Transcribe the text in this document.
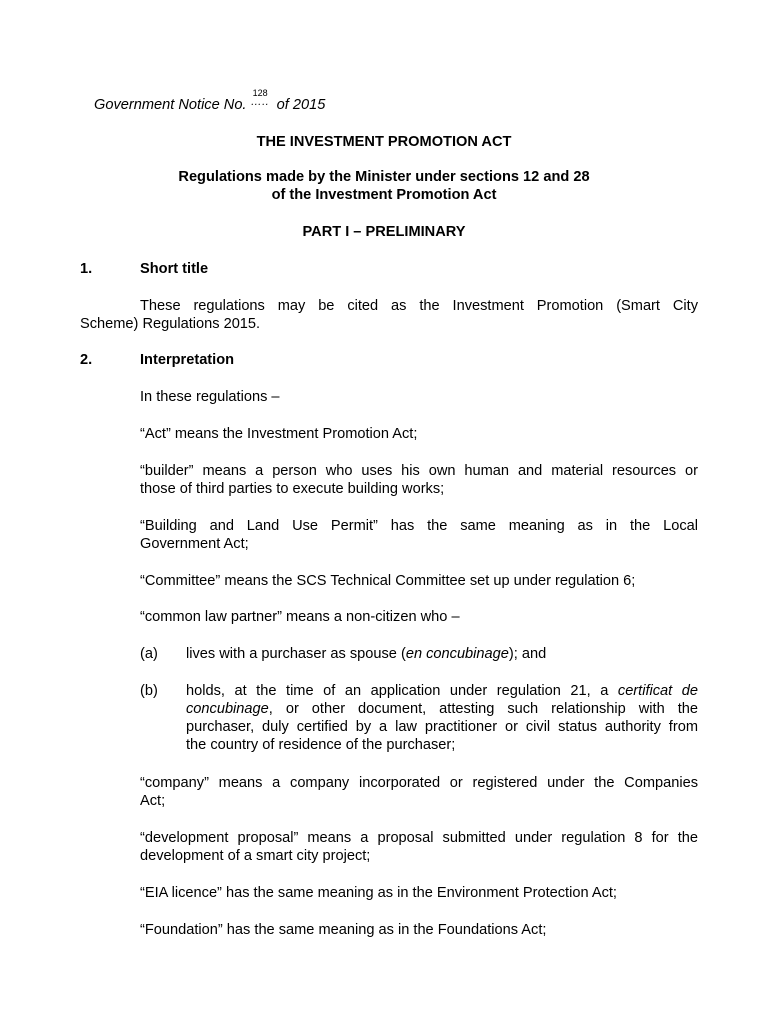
Government Notice No.
128
….. of 2015
THE INVESTMENT PROMOTION ACT
Regulations made by the Minister under sections 12 and 28
of the Investment Promotion Act
PART I – PRELIMINARY
1.	Short title
These regulations may be cited as the Investment Promotion (Smart City
Scheme) Regulations 2015.
2.	Interpretation
In these regulations –
“Act” means the Investment Promotion Act;
“builder” means a person who uses his own human and material resources or
those of third parties to execute building works;
“Building and Land Use Permit” has the same meaning as in the Local
Government Act;
“Committee” means the SCS Technical Committee set up under regulation 6;
“common law partner” means a non-citizen who –
(a) lives with a purchaser as spouse (en concubinage); and
(b) holds, at the time of an application under regulation 21, a certificat de
concubinage, or other document, attesting such relationship with the
purchaser, duly certified by a law practitioner or civil status authority from
the country of residence of the purchaser;
“company” means a company incorporated or registered under the Companies
Act;
“development proposal” means a proposal submitted under regulation 8 for the
development of a smart city project;
“EIA licence” has the same meaning as in the Environment Protection Act;
“Foundation” has the same meaning as in the Foundations Act;
